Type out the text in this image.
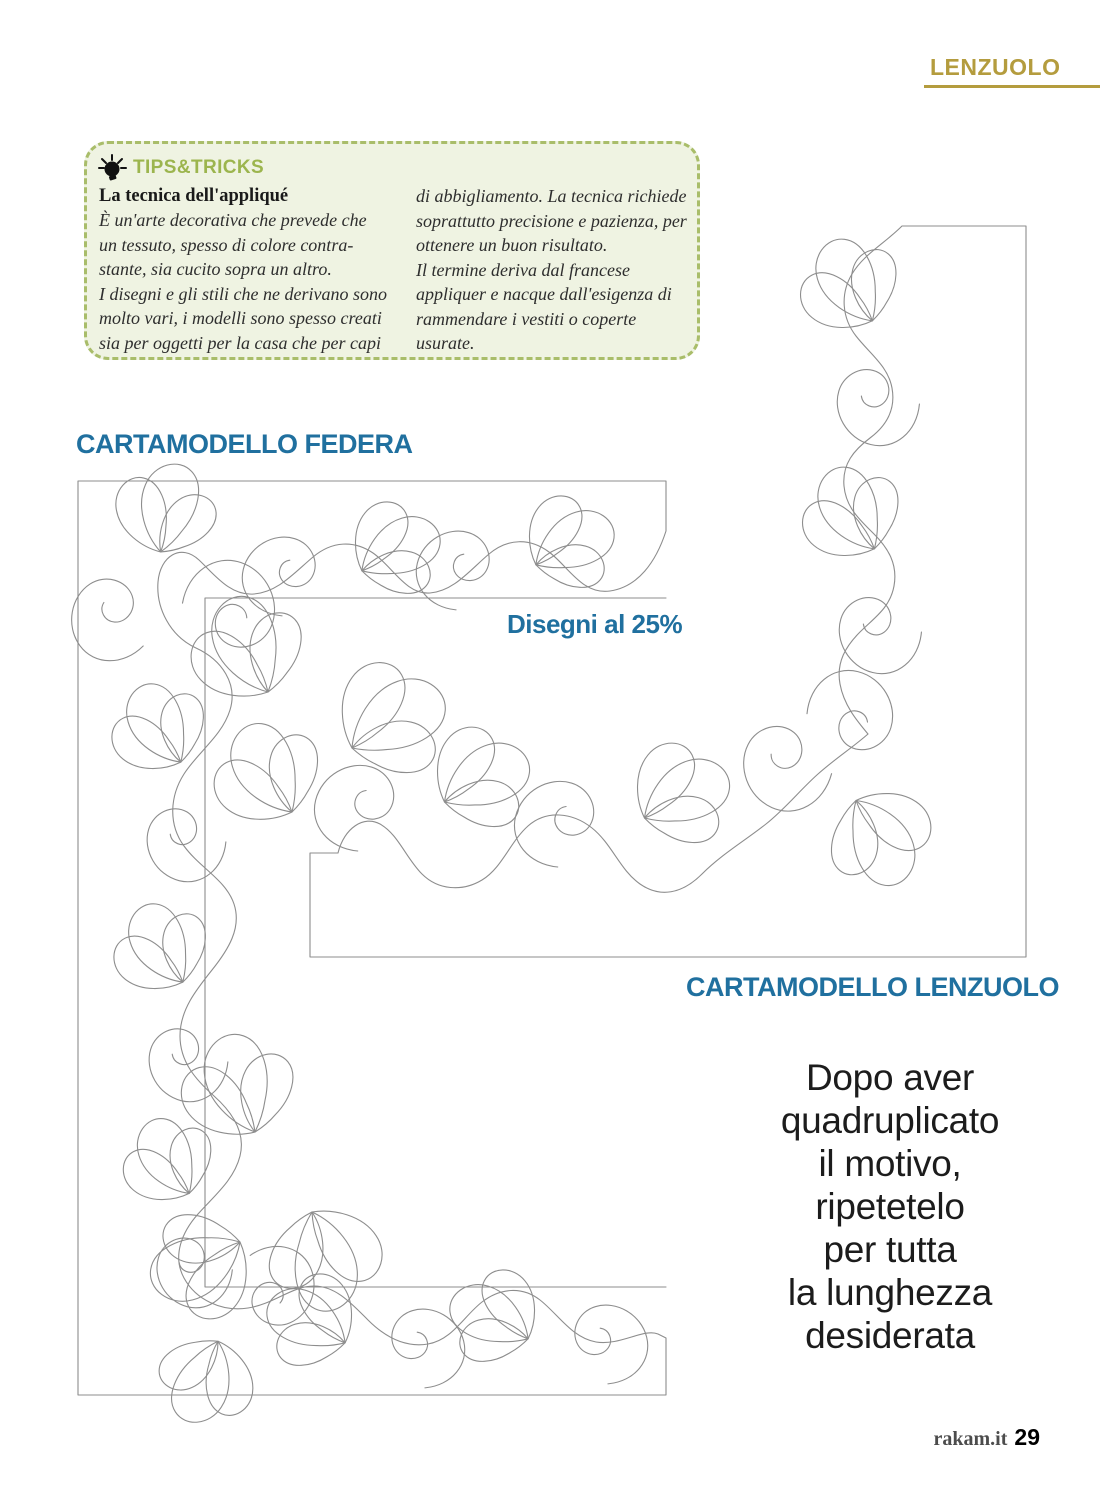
LENZUOLO
TIPS&TRICKS
La tecnica dell'appliqué
È un'arte decorativa che prevede che
un tessuto, spesso di colore contra-
stante, sia cucito sopra un altro.
I disegni e gli stili che ne derivano sono
molto vari, i modelli sono spesso creati
sia per oggetti per la casa che per capi
di abbigliamento. La tecnica richiede
soprattutto precisione e pazienza, per
ottenere un buon risultato.
Il termine deriva dal francese
appliquer e nacque dall'esigenza di
rammendare i vestiti o coperte
usurate.
CARTAMODELLO FEDERA
Disegni al 25%
CARTAMODELLO LENZUOLO
Dopo aver
quadruplicato
il motivo,
ripetetelo
per tutta
la lunghezza
desiderata
rakam.it 29
